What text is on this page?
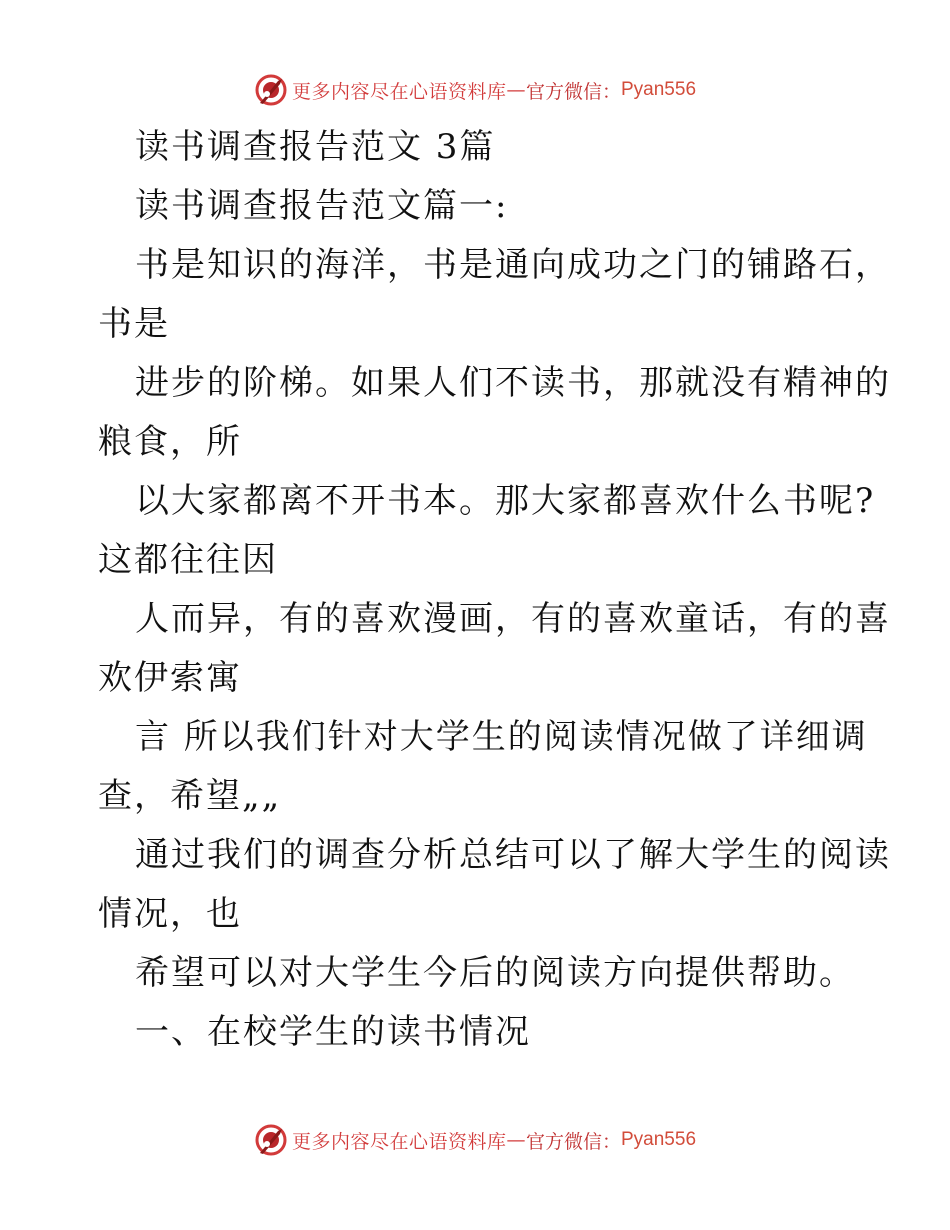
更多内容尽在心语资料库 — 官方微信： Pyan556
读书调查报告范文 3篇
读书调查报告范文篇一:
书是知识的海洋，书是通向成功之门的铺路石，
书是
进步的阶梯。如果人们不读书，那就没有精神的
粮食，所
以大家都离不开书本。那大家都喜欢什么书呢?
这都往往因
人而异，有的喜欢漫画，有的喜欢童话，有的喜
欢伊索寓
言 所以我们针对大学生的阅读情况做了详细调
查，希望„„
通过我们的调查分析总结可以了解大学生的阅读
情况，也
希望可以对大学生今后的阅读方向提供帮助。
一、在校学生的读书情况
更多内容尽在心语资料库 — 官方微信： Pyan556
